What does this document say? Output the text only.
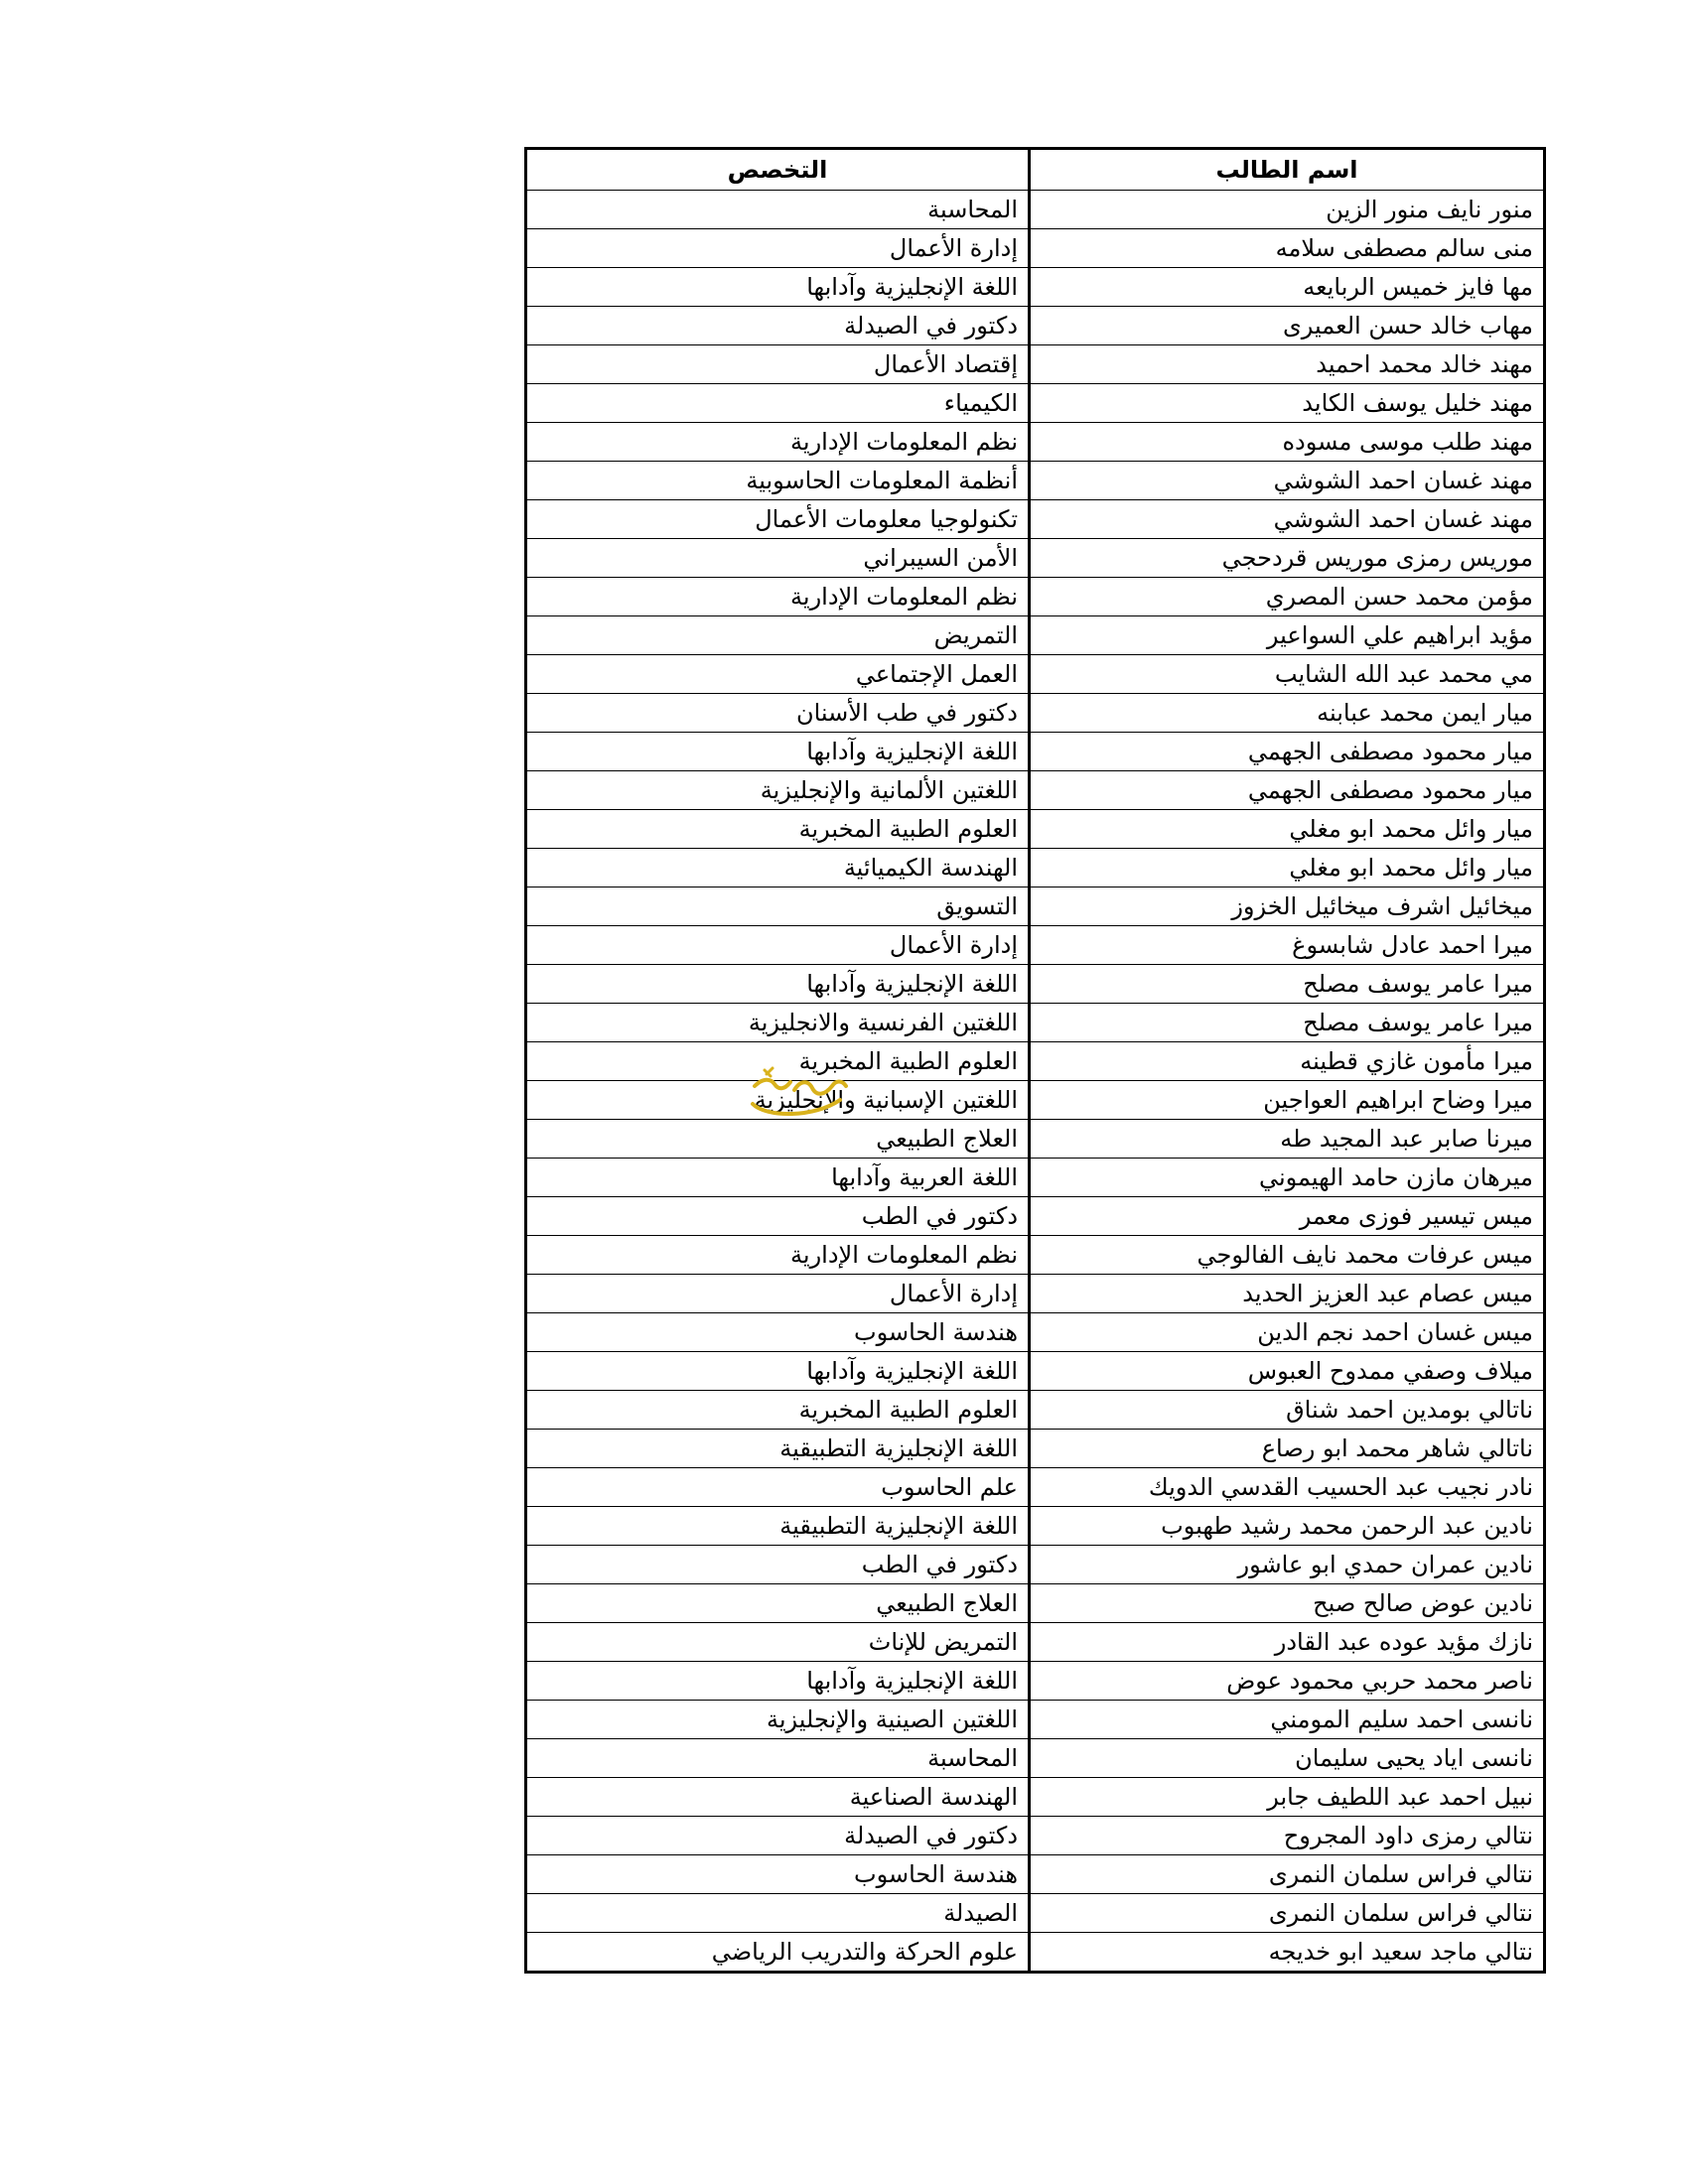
اسم الطالب	التخصص
منور نايف منور الزين	المحاسبة
منى سالم مصطفى سلامه	إدارة الأعمال
مها فايز خميس الربايعه	اللغة الإنجليزية وآدابها
مهاب خالد حسن العميرى	دكتور في الصيدلة
مهند خالد محمد احميد	إقتصاد الأعمال
مهند خليل يوسف الكايد	الكيمياء
مهند طلب موسى مسوده	نظم المعلومات الإدارية
مهند غسان احمد الشوشي	أنظمة المعلومات الحاسوبية
مهند غسان احمد الشوشي	تكنولوجيا معلومات الأعمال
موريس رمزى موريس قردحجي	الأمن السيبراني
مؤمن محمد حسن المصري	نظم المعلومات الإدارية
مؤيد ابراهيم علي السواعير	التمريض
مي محمد عبد الله الشايب	العمل الإجتماعي
ميار ايمن محمد عبابنه	دكتور في طب الأسنان
ميار محمود مصطفى الجهمي	اللغة الإنجليزية وآدابها
ميار محمود مصطفى الجهمي	اللغتين الألمانية والإنجليزية
ميار وائل محمد ابو مغلي	العلوم الطبية المخبرية
ميار وائل محمد ابو مغلي	الهندسة الكيميائية
ميخائيل اشرف ميخائيل الخزوز	التسويق
ميرا احمد عادل شابسوغ	إدارة الأعمال
ميرا عامر يوسف مصلح	اللغة الإنجليزية وآدابها
ميرا عامر يوسف مصلح	اللغتين الفرنسية والانجليزية
ميرا مأمون غازي قطينه	العلوم الطبية المخبرية
ميرا وضاح ابراهيم العواجين	اللغتين الإسبانية والإنجليزية
ميرنا صابر عبد المجيد طه	العلاج الطبيعي
ميرهان مازن حامد الهيموني	اللغة العربية وآدابها
ميس تيسير فوزى معمر	دكتور في الطب
ميس عرفات محمد نايف الفالوجي	نظم المعلومات الإدارية
ميس عصام عبد العزيز الحديد	إدارة الأعمال
ميس غسان احمد نجم الدين	هندسة الحاسوب
ميلاف وصفي ممدوح العبوس	اللغة الإنجليزية وآدابها
ناتالي بومدين احمد شناق	العلوم الطبية المخبرية
ناتالي شاهر محمد ابو رصاع	اللغة الإنجليزية التطبيقية
نادر نجيب عبد الحسيب القدسي الدويك	علم الحاسوب
نادين عبد الرحمن محمد رشيد طهبوب	اللغة الإنجليزية التطبيقية
نادين عمران حمدي ابو عاشور	دكتور في الطب
نادين عوض صالح صبح	العلاج الطبيعي
نازك مؤيد عوده عبد القادر	التمريض للإناث
ناصر محمد حربي محمود عوض	اللغة الإنجليزية وآدابها
نانسى احمد سليم المومني	اللغتين الصينية والإنجليزية
نانسى اياد يحيى سليمان	المحاسبة
نبيل احمد عبد اللطيف جابر	الهندسة الصناعية
نتالي رمزى داود المجروح	دكتور في الصيدلة
نتالي فراس سلمان النمرى	هندسة الحاسوب
نتالي فراس سلمان النمرى	الصيدلة
نتالي ماجد سعيد ابو خديجه	علوم الحركة والتدريب الرياضي
